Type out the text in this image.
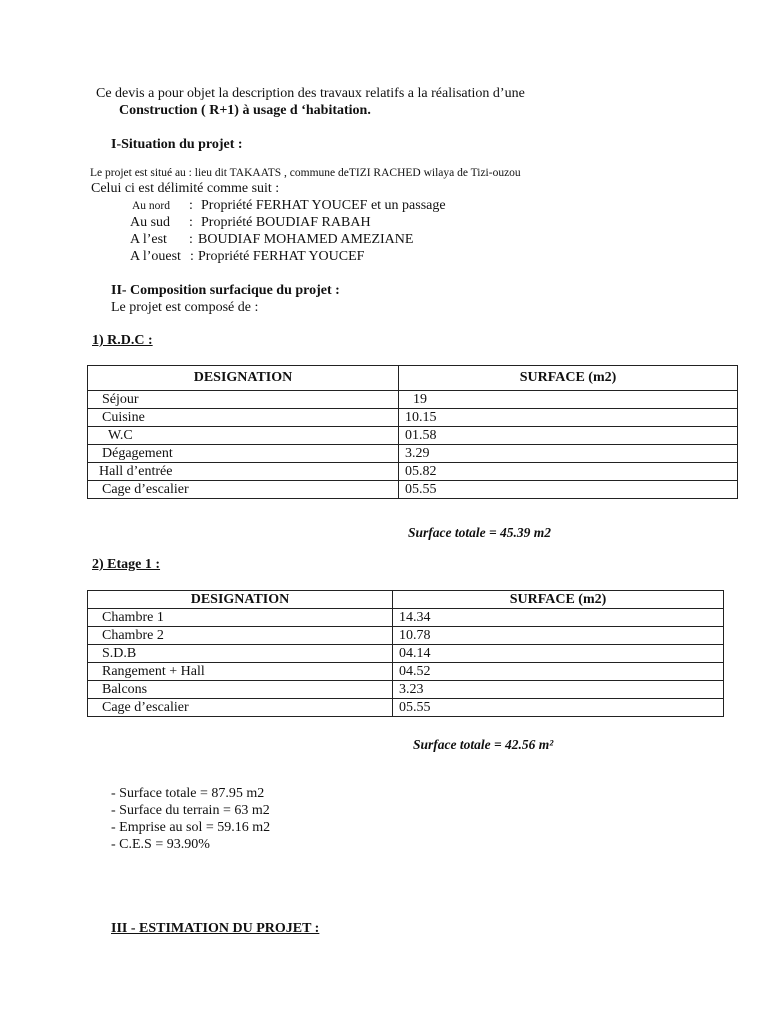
Ce devis a pour objet la description des travaux relatifs a la réalisation d’une
Construction ( R+1) à usage d ‘habitation.
I-Situation du projet :
Le projet est situé au : lieu dit TAKAATS , commune deTIZI RACHED wilaya de Tizi-ouzou
Celui ci est délimité comme suit :
Au nord : Propriété FERHAT YOUCEF et un passage
Au sud : Propriété BOUDIAF RABAH
A l’est : BOUDIAF MOHAMED AMEZIANE
A l’ouest : Propriété FERHAT YOUCEF
II- Composition surfacique du projet :
Le projet est composé de :
1) R.D.C :
DESIGNATION	SURFACE (m2)
Séjour	19
Cuisine	10.15
W.C	01.58
Dégagement	3.29
Hall d’entrée	05.82
Cage d’escalier	05.55
Surface totale = 45.39 m2
2) Etage 1 :
DESIGNATION	SURFACE (m2)
Chambre 1	14.34
Chambre 2	10.78
S.D.B	04.14
Rangement + Hall	04.52
Balcons	3.23
Cage d’escalier	05.55
Surface totale = 42.56 m²
- Surface totale = 87.95 m2
- Surface du terrain = 63 m2
- Emprise au sol = 59.16 m2
- C.E.S = 93.90%
III - ESTIMATION DU PROJET :
